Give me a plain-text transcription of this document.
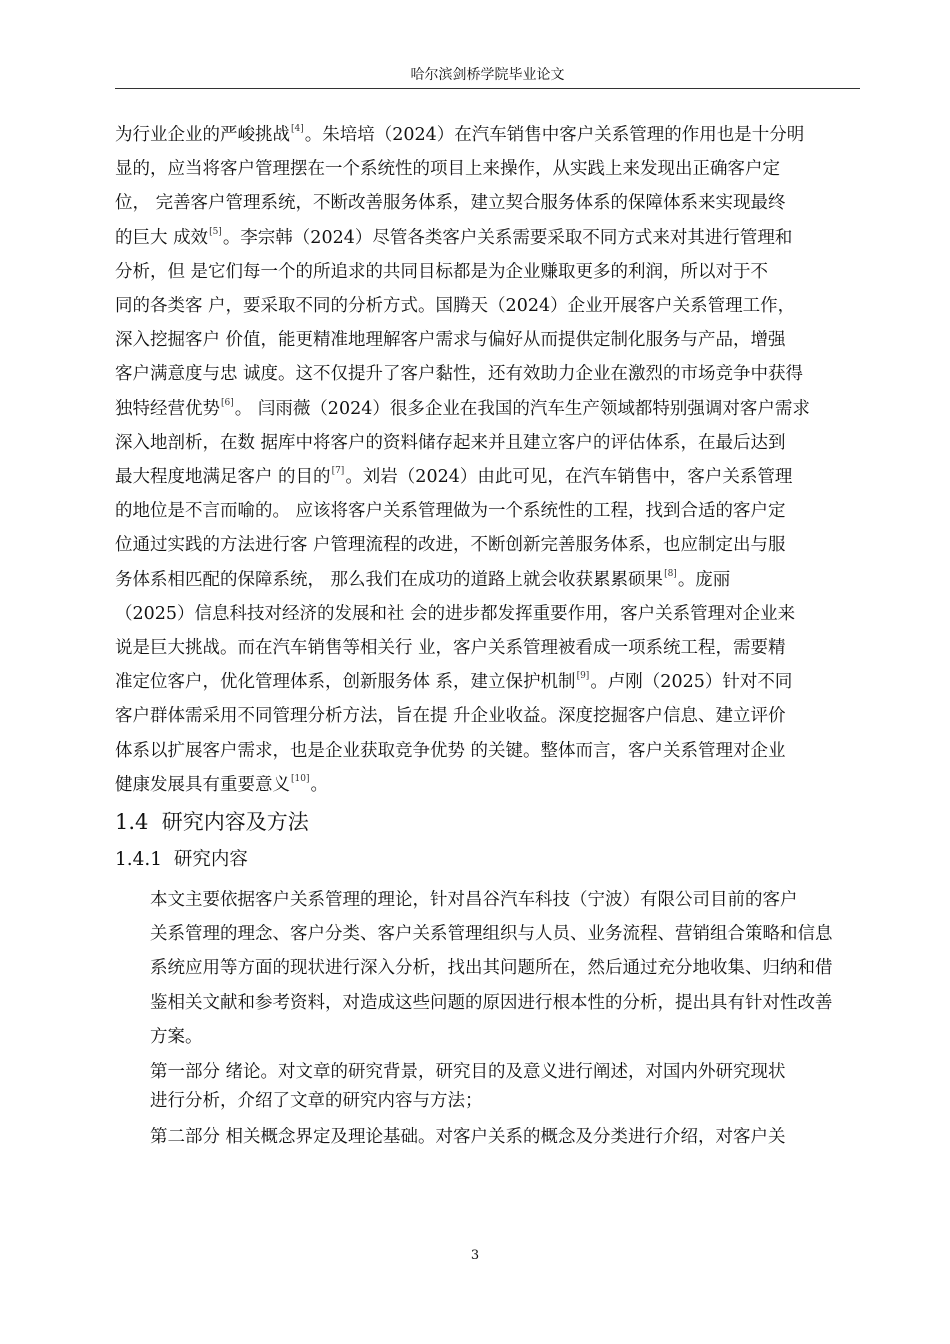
哈尔滨剑桥学院毕业论文

为行业企业的严峻挑战[4]。朱培培（2024）在汽车销售中客户关系管理的作用也是十分明
显的，应当将客户管理摆在一个系统性的项目上来操作，从实践上来发现出正确客户定
位， 完善客户管理系统，不断改善服务体系，建立契合服务体系的保障体系来实现最终
的巨大 成效[5]。李宗韩（2024）尽管各类客户关系需要采取不同方式来对其进行管理和
分析，但 是它们每一个的所追求的共同目标都是为企业赚取更多的利润，所以对于不
同的各类客 户，要采取不同的分析方式。国腾天（2024）企业开展客户关系管理工作，
深入挖掘客户 价值，能更精准地理解客户需求与偏好从而提供定制化服务与产品，增强
客户满意度与忠 诚度。这不仅提升了客户黏性，还有效助力企业在激烈的市场竞争中获得
独特经营优势[6]。 闫雨薇（2024）很多企业在我国的汽车生产领域都特别强调对客户需求
深入地剖析，在数 据库中将客户的资料储存起来并且建立客户的评估体系，在最后达到
最大程度地满足客户 的目的[7]。刘岩（2024）由此可见，在汽车销售中，客户关系管理
的地位是不言而喻的。 应该将客户关系管理做为一个系统性的工程，找到合适的客户定
位通过实践的方法进行客 户管理流程的改进，不断创新完善服务体系，也应制定出与服
务体系相匹配的保障系统， 那么我们在成功的道路上就会收获累累硕果[8]。庞丽
（2025）信息科技对经济的发展和社 会的进步都发挥重要作用，客户关系管理对企业来
说是巨大挑战。而在汽车销售等相关行 业，客户关系管理被看成一项系统工程，需要精
准定位客户，优化管理体系，创新服务体 系，建立保护机制[9]。卢刚（2025）针对不同
客户群体需采用不同管理分析方法，旨在提 升企业收益。深度挖掘客户信息、建立评价
体系以扩展客户需求，也是企业获取竞争优势 的关键。整体而言，客户关系管理对企业
健康发展具有重要意义[10]。

1.4 研究内容及方法
1.4.1 研究内容

本文主要依据客户关系管理的理论，针对昌谷汽车科技（宁波）有限公司目前的客户
关系管理的理念、客户分类、客户关系管理组织与人员、业务流程、营销组合策略和信息
系统应用等方面的现状进行深入分析，找出其问题所在，然后通过充分地收集、归纳和借
鉴相关文献和参考资料，对造成这些问题的原因进行根本性的分析，提出具有针对性改善
方案。

第一部分 绪论。对文章的研究背景，研究目的及意义进行阐述，对国内外研究现状
进行分析，介绍了文章的研究内容与方法；

第二部分 相关概念界定及理论基础。对客户关系的概念及分类进行介绍，对客户关

3
